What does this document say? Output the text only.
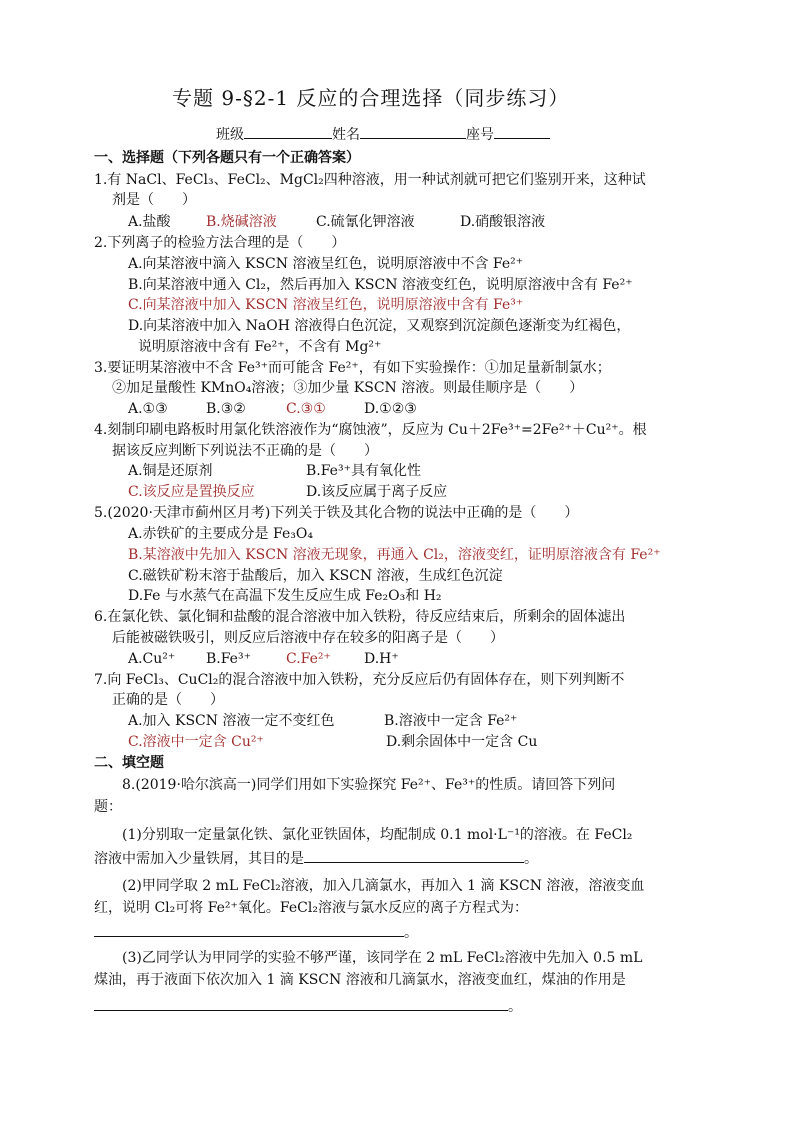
专题 9-§2-1 反应的合理选择（同步练习）
班级	姓名	座号
一、选择题（下列各题只有一个正确答案）
1.有 NaCl、FeCl₃、FeCl₂、MgCl₂四种溶液，用一种试剂就可把它们鉴别开来，这种试
剂是（　　）
A.盐酸	B.烧碱溶液	C.硫氰化钾溶液	D.硝酸银溶液
2.下列离子的检验方法合理的是（　　）
A.向某溶液中滴入 KSCN 溶液呈红色，说明原溶液中不含 Fe²⁺
B.向某溶液中通入 Cl₂，然后再加入 KSCN 溶液变红色，说明原溶液中含有 Fe²⁺
C.向某溶液中加入 KSCN 溶液呈红色，说明原溶液中含有 Fe³⁺
D.向某溶液中加入 NaOH 溶液得白色沉淀，又观察到沉淀颜色逐渐变为红褐色，
说明原溶液中含有 Fe²⁺，不含有 Mg²⁺
3.要证明某溶液中不含 Fe³⁺而可能含 Fe²⁺，有如下实验操作：①加足量新制氯水；
②加足量酸性 KMnO₄溶液；③加少量 KSCN 溶液。则最佳顺序是（　　）
A.①③	B.③②	C.③①	D.①②③
4.刻制印刷电路板时用氯化铁溶液作为“腐蚀液”，反应为 Cu＋2Fe³⁺=2Fe²⁺＋Cu²⁺。根
据该反应判断下列说法不正确的是（　　）
A.铜是还原剂	B.Fe³⁺具有氧化性
C.该反应是置换反应	D.该反应属于离子反应
5.(2020·天津市蓟州区月考)下列关于铁及其化合物的说法中正确的是（　　）
A.赤铁矿的主要成分是 Fe₃O₄
B.某溶液中先加入 KSCN 溶液无现象，再通入 Cl₂，溶液变红，证明原溶液含有 Fe²⁺
C.磁铁矿粉末溶于盐酸后，加入 KSCN 溶液，生成红色沉淀
D.Fe 与水蒸气在高温下发生反应生成 Fe₂O₃和 H₂
6.在氯化铁、氯化铜和盐酸的混合溶液中加入铁粉，待反应结束后，所剩余的固体滤出
后能被磁铁吸引，则反应后溶液中存在较多的阳离子是（　　）
A.Cu²⁺ B.Fe³⁺	C.Fe²⁺ D.H⁺
7.向 FeCl₃、CuCl₂的混合溶液中加入铁粉，充分反应后仍有固体存在，则下列判断不
正确的是（　　）
A.加入 KSCN 溶液一定不变红色	B.溶液中一定含 Fe²⁺
C.溶液中一定含 Cu²⁺	D.剩余固体中一定含 Cu
二、填空题
8.(2019·哈尔滨高一)同学们用如下实验探究 Fe²⁺、Fe³⁺的性质。请回答下列问
题：
(1)分别取一定量氯化铁、氯化亚铁固体，均配制成 0.1 mol·L⁻¹的溶液。在 FeCl₂
溶液中需加入少量铁屑，其目的是	。
(2)甲同学取 2 mL FeCl₂溶液，加入几滴氯水，再加入 1 滴 KSCN 溶液，溶液变血
红，说明 Cl₂可将 Fe²⁺氧化。FeCl₂溶液与氯水反应的离子方程式为：
。
(3)乙同学认为甲同学的实验不够严谨，该同学在 2 mL FeCl₂溶液中先加入 0.5 mL
煤油，再于液面下依次加入 1 滴 KSCN 溶液和几滴氯水，溶液变血红，煤油的作用是
。
